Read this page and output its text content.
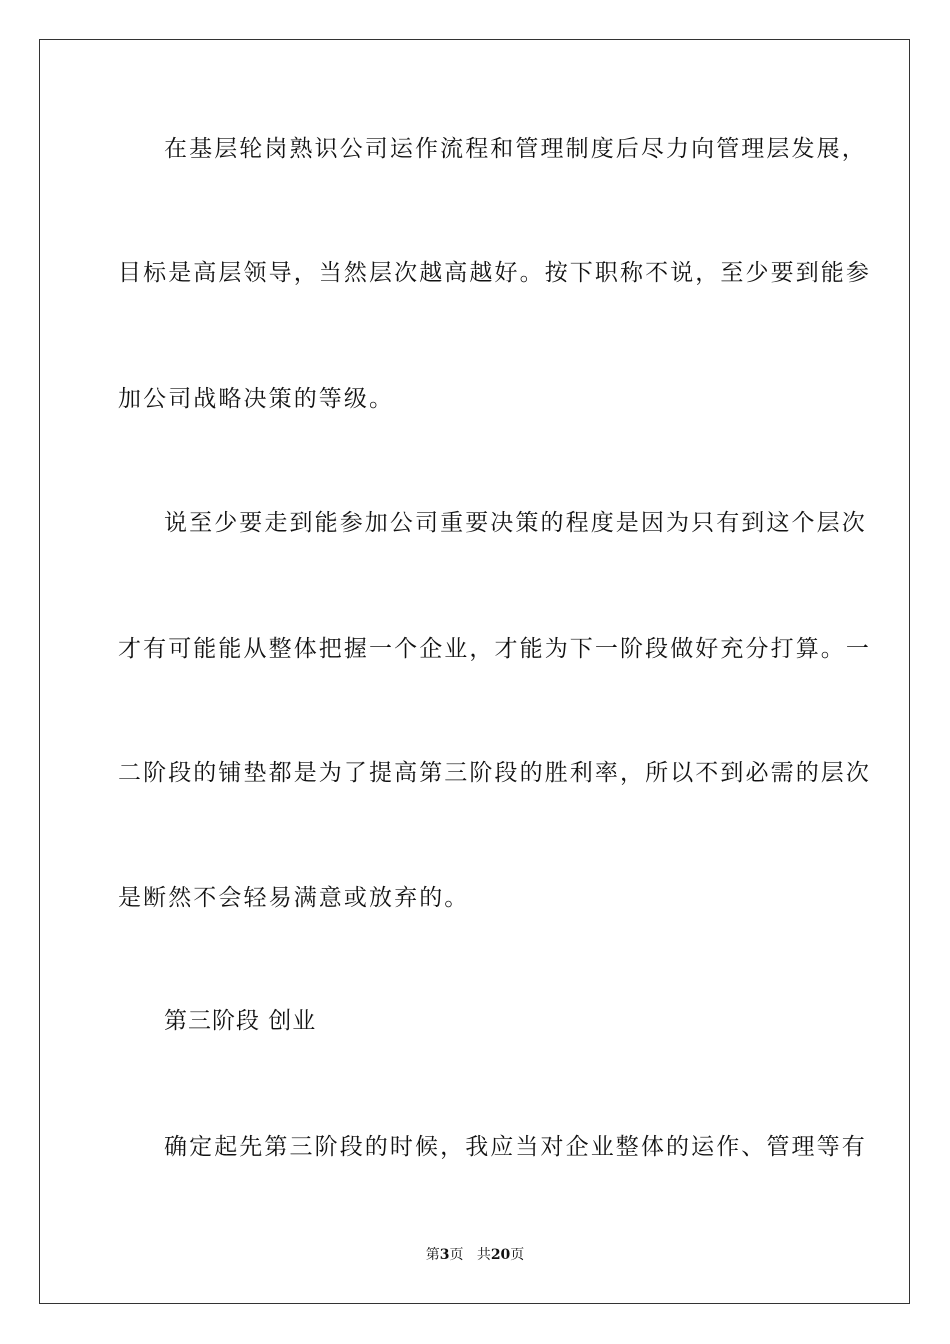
在基层轮岗熟识公司运作流程和管理制度后尽力向管理层发展，
目标是高层领导，当然层次越高越好。按下职称不说，至少要到能参
加公司战略决策的等级。
说至少要走到能参加公司重要决策的程度是因为只有到这个层次
才有可能能从整体把握一个企业，才能为下一阶段做好充分打算。一
二阶段的铺垫都是为了提高第三阶段的胜利率，所以不到必需的层次
是断然不会轻易满意或放弃的。
第三阶段 创业
确定起先第三阶段的时候，我应当对企业整体的运作、管理等有
第3页 共20页
